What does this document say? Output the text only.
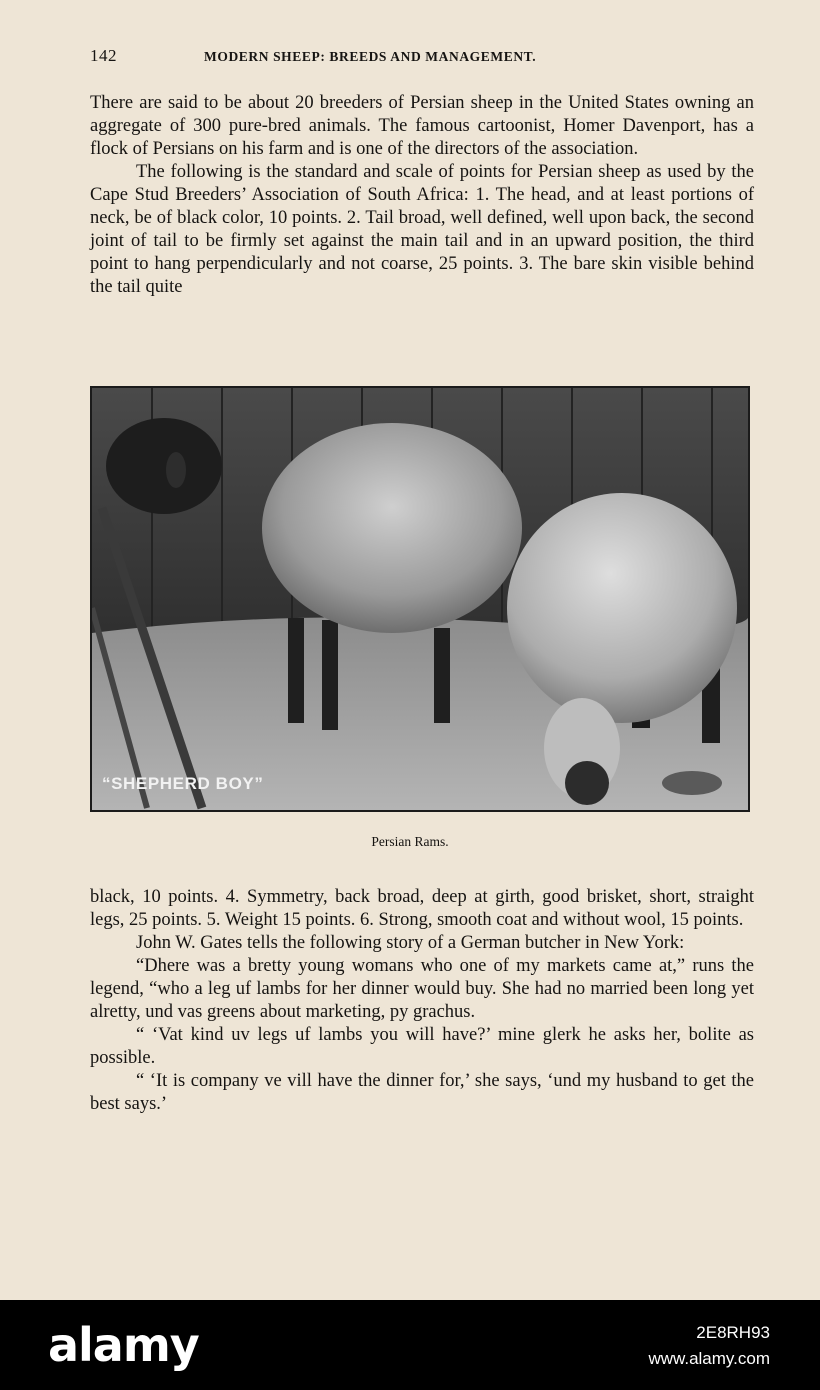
142	MODERN SHEEP: BREEDS AND MANAGEMENT.

There are said to be about 20 breeders of Persian sheep in the United States owning an aggregate of 300 pure-bred animals. The famous cartoonist, Homer Davenport, has a flock of Persians on his farm and is one of the directors of the association.

The following is the standard and scale of points for Persian sheep as used by the Cape Stud Breeders’ Association of South Africa: 1. The head, and at least portions of neck, be of black color, 10 points. 2. Tail broad, well defined, well upon back, the second joint of tail to be firmly set against the main tail and in an upward position, the third point to hang perpendicularly and not coarse, 25 points. 3. The bare skin visible behind the tail quite

“SHEPHERD BOY”
Persian Rams.

black, 10 points. 4. Symmetry, back broad, deep at girth, good brisket, short, straight legs, 25 points. 5. Weight 15 points. 6. Strong, smooth coat and without wool, 15 points.

John W. Gates tells the following story of a German butcher in New York:

“Dhere was a bretty young womans who one of my markets came at,” runs the legend, “who a leg uf lambs for her dinner would buy. She had no married been long yet alretty, und vas greens about marketing, py grachus.

“ ‘Vat kind uv legs uf lambs you will have?’ mine glerk he asks her, bolite as possible.

“ ‘It is company ve vill have the dinner for,’ she says, ‘und my husband to get the best says.’

alamy	2E8RH93
www.alamy.com
